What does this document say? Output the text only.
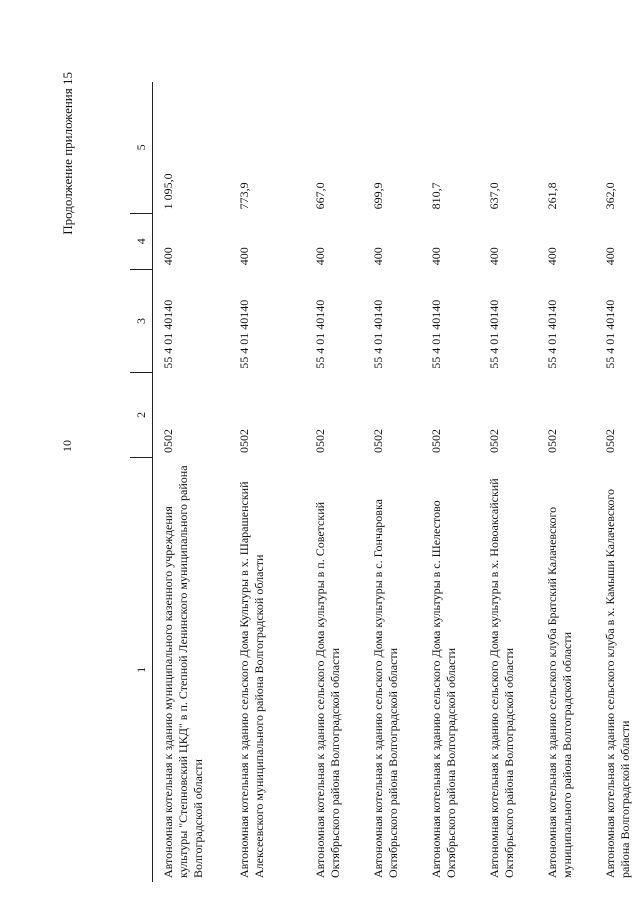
10
Продолжение приложения 15
1	2	3	4	5
Автономная котельная к зданию муниципального казенного учреждения культуры "Степновский ЦКД" в п. Степной Ленинского муниципального района Волгоградской области	0502	55 4 01 40140	400	1 095,0
Автономная котельная к зданию сельского Дома Культуры в х. Шарашенский Алексеевского муниципального района Волгоградской области	0502	55 4 01 40140	400	773,9
Автономная котельная к зданию сельского Дома культуры в п. Советский Октябрьского района Волгоградской области	0502	55 4 01 40140	400	667,0
Автономная котельная к зданию сельского Дома культуры в с. Гончаровка Октябрьского района Волгоградской области	0502	55 4 01 40140	400	699,9
Автономная котельная к зданию сельского Дома культуры в с. Шелестово Октябрьского района Волгоградской области	0502	55 4 01 40140	400	810,7
Автономная котельная к зданию сельского Дома культуры в х. Новоаксайский Октябрьского района Волгоградской области	0502	55 4 01 40140	400	637,0
Автономная котельная к зданию сельского клуба Братский Калачевского муниципального района Волгоградской области	0502	55 4 01 40140	400	261,8
Автономная котельная к зданию сельского клуба в х. Камыши Калачевского района Волгоградской области	0502	55 4 01 40140	400	362,0
